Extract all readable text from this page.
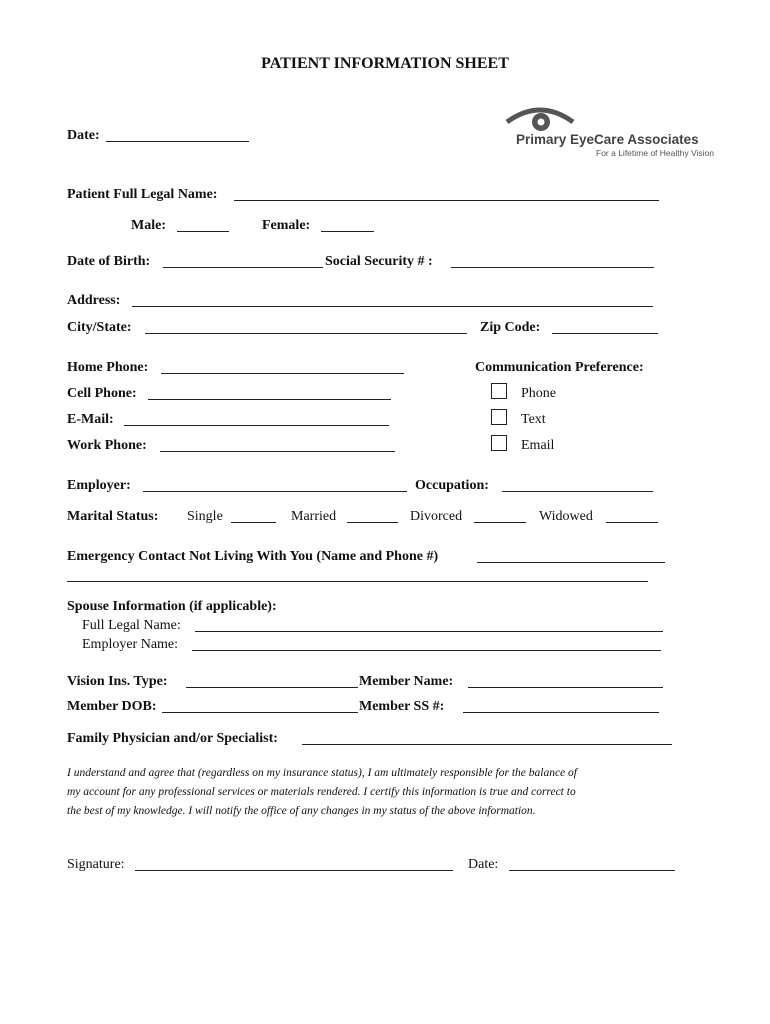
PATIENT INFORMATION SHEET
Primary EyeCare Associates
For a Lifetime of Healthy Vision
Date:
Patient Full Legal Name:
Male:	Female:
Date of Birth:	Social Security # :
Address:
City/State:	Zip Code:
Home Phone:
Cell Phone:
E-Mail:
Work Phone:
Communication Preference:
Phone
Text
Email
Employer:	Occupation:
Marital Status: Single	Married	Divorced	Widowed
Emergency Contact Not Living With You (Name and Phone #)
Spouse Information (if applicable):
Full Legal Name:
Employer Name:
Vision Ins. Type:	Member Name:
Member DOB:	Member SS #:
Family Physician and/or Specialist:
I understand and agree that (regardless on my insurance status), I am ultimately responsible for the balance of
my account for any professional services or materials rendered. I certify this information is true and correct to
the best of my knowledge. I will notify the office of any changes in my status of the above information.
Signature:	Date:
